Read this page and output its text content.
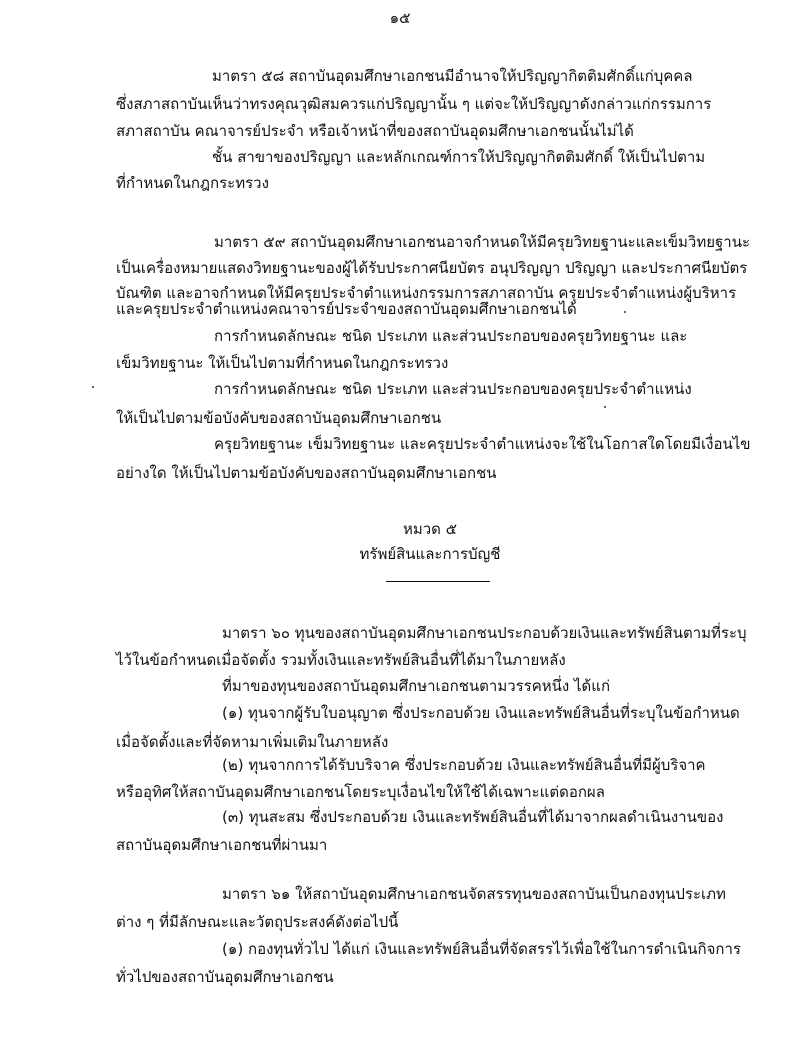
๑๕
มาตรา ๕๘ สถาบันอุดมศึกษาเอกชนมีอำนาจให้ปริญญากิตติมศักดิ์แก่บุคคล
ซึ่งสภาสถาบันเห็นว่าทรงคุณวุฒิสมควรแก่ปริญญานั้น ๆ แต่จะให้ปริญญาดังกล่าวแก่กรรมการ
สภาสถาบัน คณาจารย์ประจำ หรือเจ้าหน้าที่ของสถาบันอุดมศึกษาเอกชนนั้นไม่ได้
ชั้น สาขาของปริญญา และหลักเกณฑ์การให้ปริญญากิตติมศักดิ์ ให้เป็นไปตาม
ที่กำหนดในกฎกระทรวง
มาตรา ๕๙ สถาบันอุดมศึกษาเอกชนอาจกำหนดให้มีครุยวิทยฐานะและเข็มวิทยฐานะ
เป็นเครื่องหมายแสดงวิทยฐานะของผู้ได้รับประกาศนียบัตร อนุปริญญา ปริญญา และประกาศนียบัตร
บัณฑิต และอาจกำหนดให้มีครุยประจำตำแหน่งกรรมการสภาสถาบัน ครุยประจำตำแหน่งผู้บริหาร
และครุยประจำตำแหน่งคณาจารย์ประจำของสถาบันอุดมศึกษาเอกชนได้
การกำหนดลักษณะ ชนิด ประเภท และส่วนประกอบของครุยวิทยฐานะ และ
เข็มวิทยฐานะ ให้เป็นไปตามที่กำหนดในกฎกระทรวง
การกำหนดลักษณะ ชนิด ประเภท และส่วนประกอบของครุยประจำตำแหน่ง
ให้เป็นไปตามข้อบังคับของสถาบันอุดมศึกษาเอกชน
ครุยวิทยฐานะ เข็มวิทยฐานะ และครุยประจำตำแหน่งจะใช้ในโอกาสใดโดยมีเงื่อนไข
อย่างใด ให้เป็นไปตามข้อบังคับของสถาบันอุดมศึกษาเอกชน
หมวด ๕
ทรัพย์สินและการบัญชี
มาตรา ๖๐ ทุนของสถาบันอุดมศึกษาเอกชนประกอบด้วยเงินและทรัพย์สินตามที่ระบุ
ไว้ในข้อกำหนดเมื่อจัดตั้ง รวมทั้งเงินและทรัพย์สินอื่นที่ได้มาในภายหลัง
ที่มาของทุนของสถาบันอุดมศึกษาเอกชนตามวรรคหนึ่ง ได้แก่
(๑) ทุนจากผู้รับใบอนุญาต ซึ่งประกอบด้วย เงินและทรัพย์สินอื่นที่ระบุในข้อกำหนด
เมื่อจัดตั้งและที่จัดหามาเพิ่มเติมในภายหลัง
(๒) ทุนจากการได้รับบริจาค ซึ่งประกอบด้วย เงินและทรัพย์สินอื่นที่มีผู้บริจาค
หรืออุทิศให้สถาบันอุดมศึกษาเอกชนโดยระบุเงื่อนไขให้ใช้ได้เฉพาะแต่ดอกผล
(๓) ทุนสะสม ซึ่งประกอบด้วย เงินและทรัพย์สินอื่นที่ได้มาจากผลดำเนินงานของ
สถาบันอุดมศึกษาเอกชนที่ผ่านมา
มาตรา ๖๑ ให้สถาบันอุดมศึกษาเอกชนจัดสรรทุนของสถาบันเป็นกองทุนประเภท
ต่าง ๆ ที่มีลักษณะและวัตถุประสงค์ดังต่อไปนี้
(๑) กองทุนทั่วไป ได้แก่ เงินและทรัพย์สินอื่นที่จัดสรรไว้เพื่อใช้ในการดำเนินกิจการ
ทั่วไปของสถาบันอุดมศึกษาเอกชน
